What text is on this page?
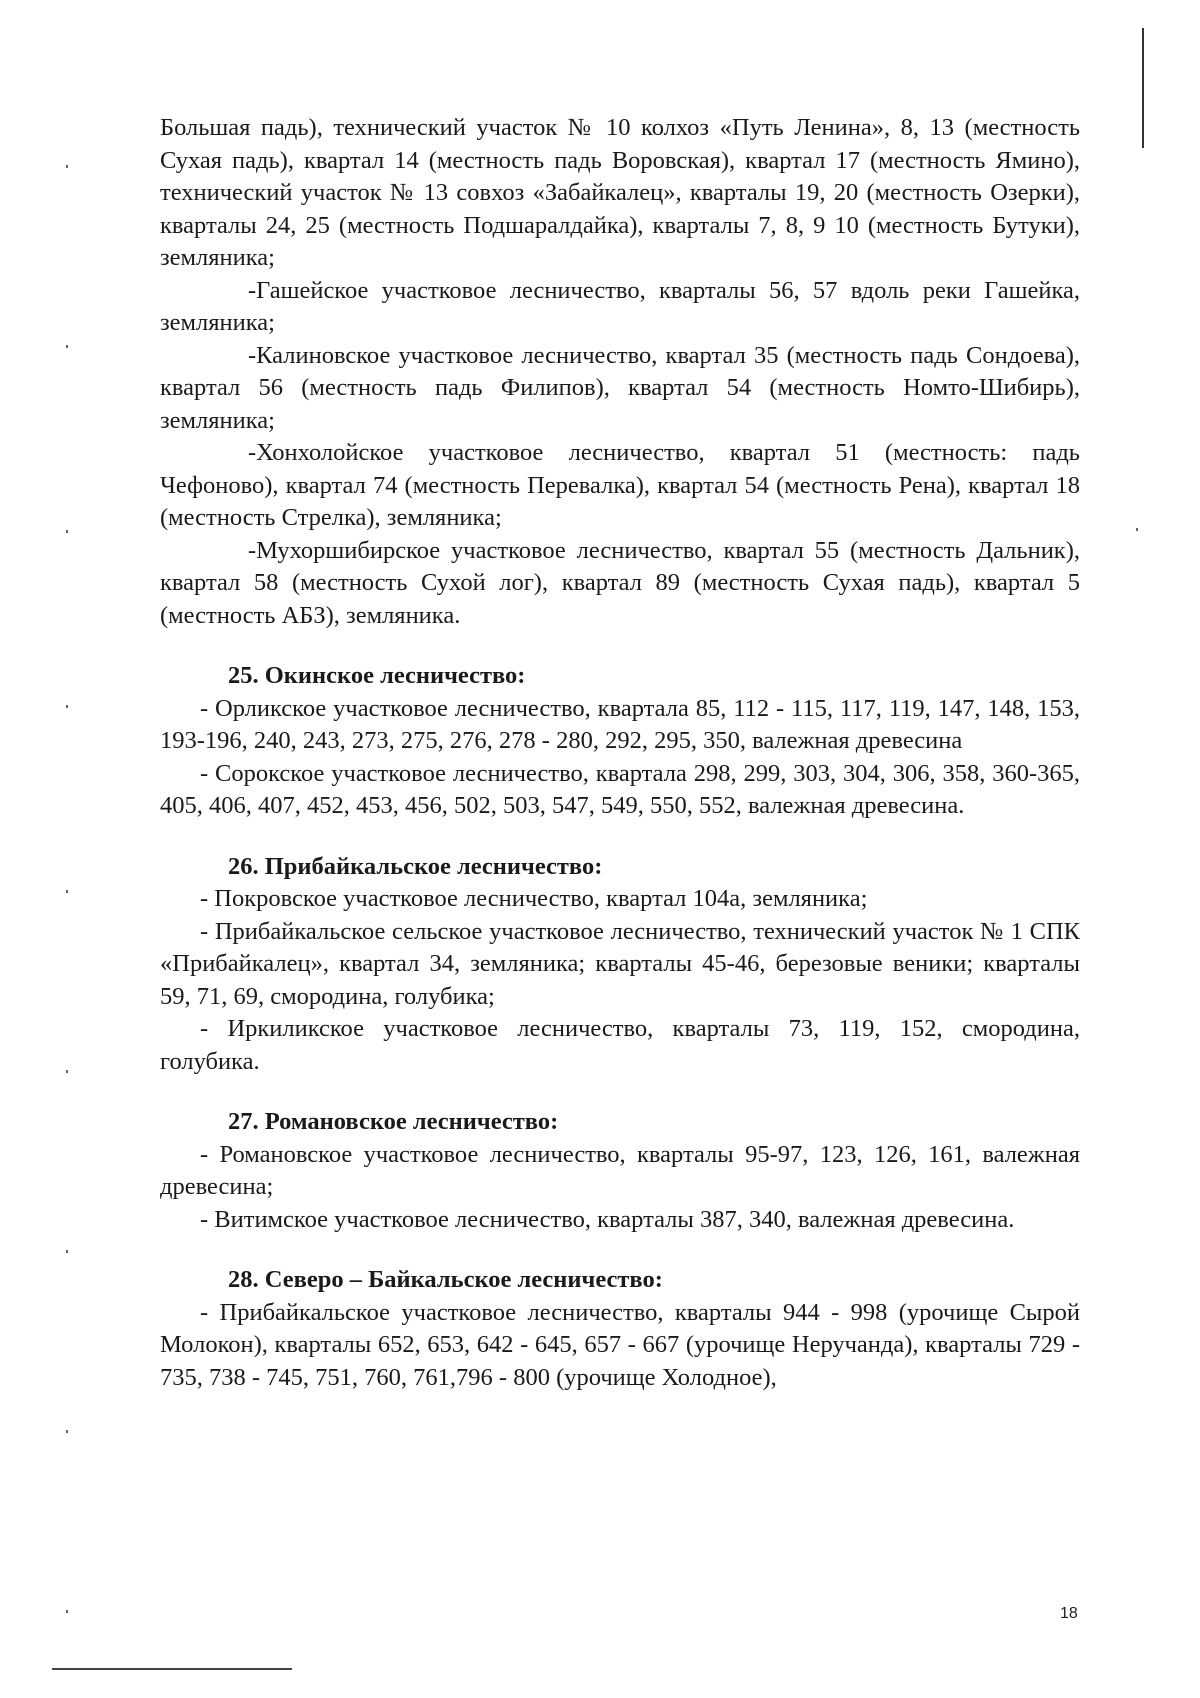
Большая падь), технический участок № 10 колхоз «Путь Ленина», 8, 13 (местность Сухая падь), квартал 14 (местность падь Воровская), квартал 17 (местность Ямино), технический участок № 13 совхоз «Забайкалец», кварталы 19, 20 (местность Озерки), кварталы 24, 25 (местность Подшаралдайка), кварталы 7, 8, 9 10 (местность Бутуки), земляника;

-Гашейское участковое лесничество, кварталы 56, 57 вдоль реки Гашейка, земляника;

-Калиновское участковое лесничество, квартал 35 (местность падь Сондоева), квартал 56 (местность падь Филипов), квартал 54 (местность Номто-Шибирь), земляника;

-Хонхолойское участковое лесничество, квартал 51 (местность: падь Чефоново), квартал 74 (местность Перевалка), квартал 54 (местность Рена), квартал 18 (местность Стрелка), земляника;

-Мухоршибирское участковое лесничество, квартал 55 (местность Дальник), квартал 58 (местность Сухой лог), квартал 89 (местность Сухая падь), квартал 5 (местность АБЗ), земляника.

25. Окинское лесничество:

- Орликское участковое лесничество, квартала 85, 112 - 115, 117, 119, 147, 148, 153, 193-196, 240, 243, 273, 275, 276, 278 - 280, 292, 295, 350, валежная древесина

- Сорокское участковое лесничество, квартала 298, 299, 303, 304, 306, 358, 360-365, 405, 406, 407, 452, 453, 456, 502, 503, 547, 549, 550, 552, валежная древесина.

26. Прибайкальское лесничество:

- Покровское участковое лесничество, квартал 104а, земляника;

- Прибайкальское сельское участковое лесничество, технический участок № 1 СПК «Прибайкалец», квартал 34, земляника; кварталы 45-46, березовые веники; кварталы 59, 71, 69, смородина, голубика;

- Иркиликское участковое лесничество, кварталы 73, 119, 152, смородина, голубика.

27. Романовское лесничество:

- Романовское участковое лесничество, кварталы 95-97, 123, 126, 161, валежная древесина;

- Витимское участковое лесничество, кварталы 387, 340, валежная древесина.

28. Северо – Байкальское лесничество:

- Прибайкальское участковое лесничество, кварталы 944 - 998 (урочище Сырой Молокон), кварталы 652, 653, 642 - 645, 657 - 667 (урочище Неручанда), кварталы 729 - 735, 738 - 745, 751, 760, 761,796 - 800 (урочище Холодное),

18
